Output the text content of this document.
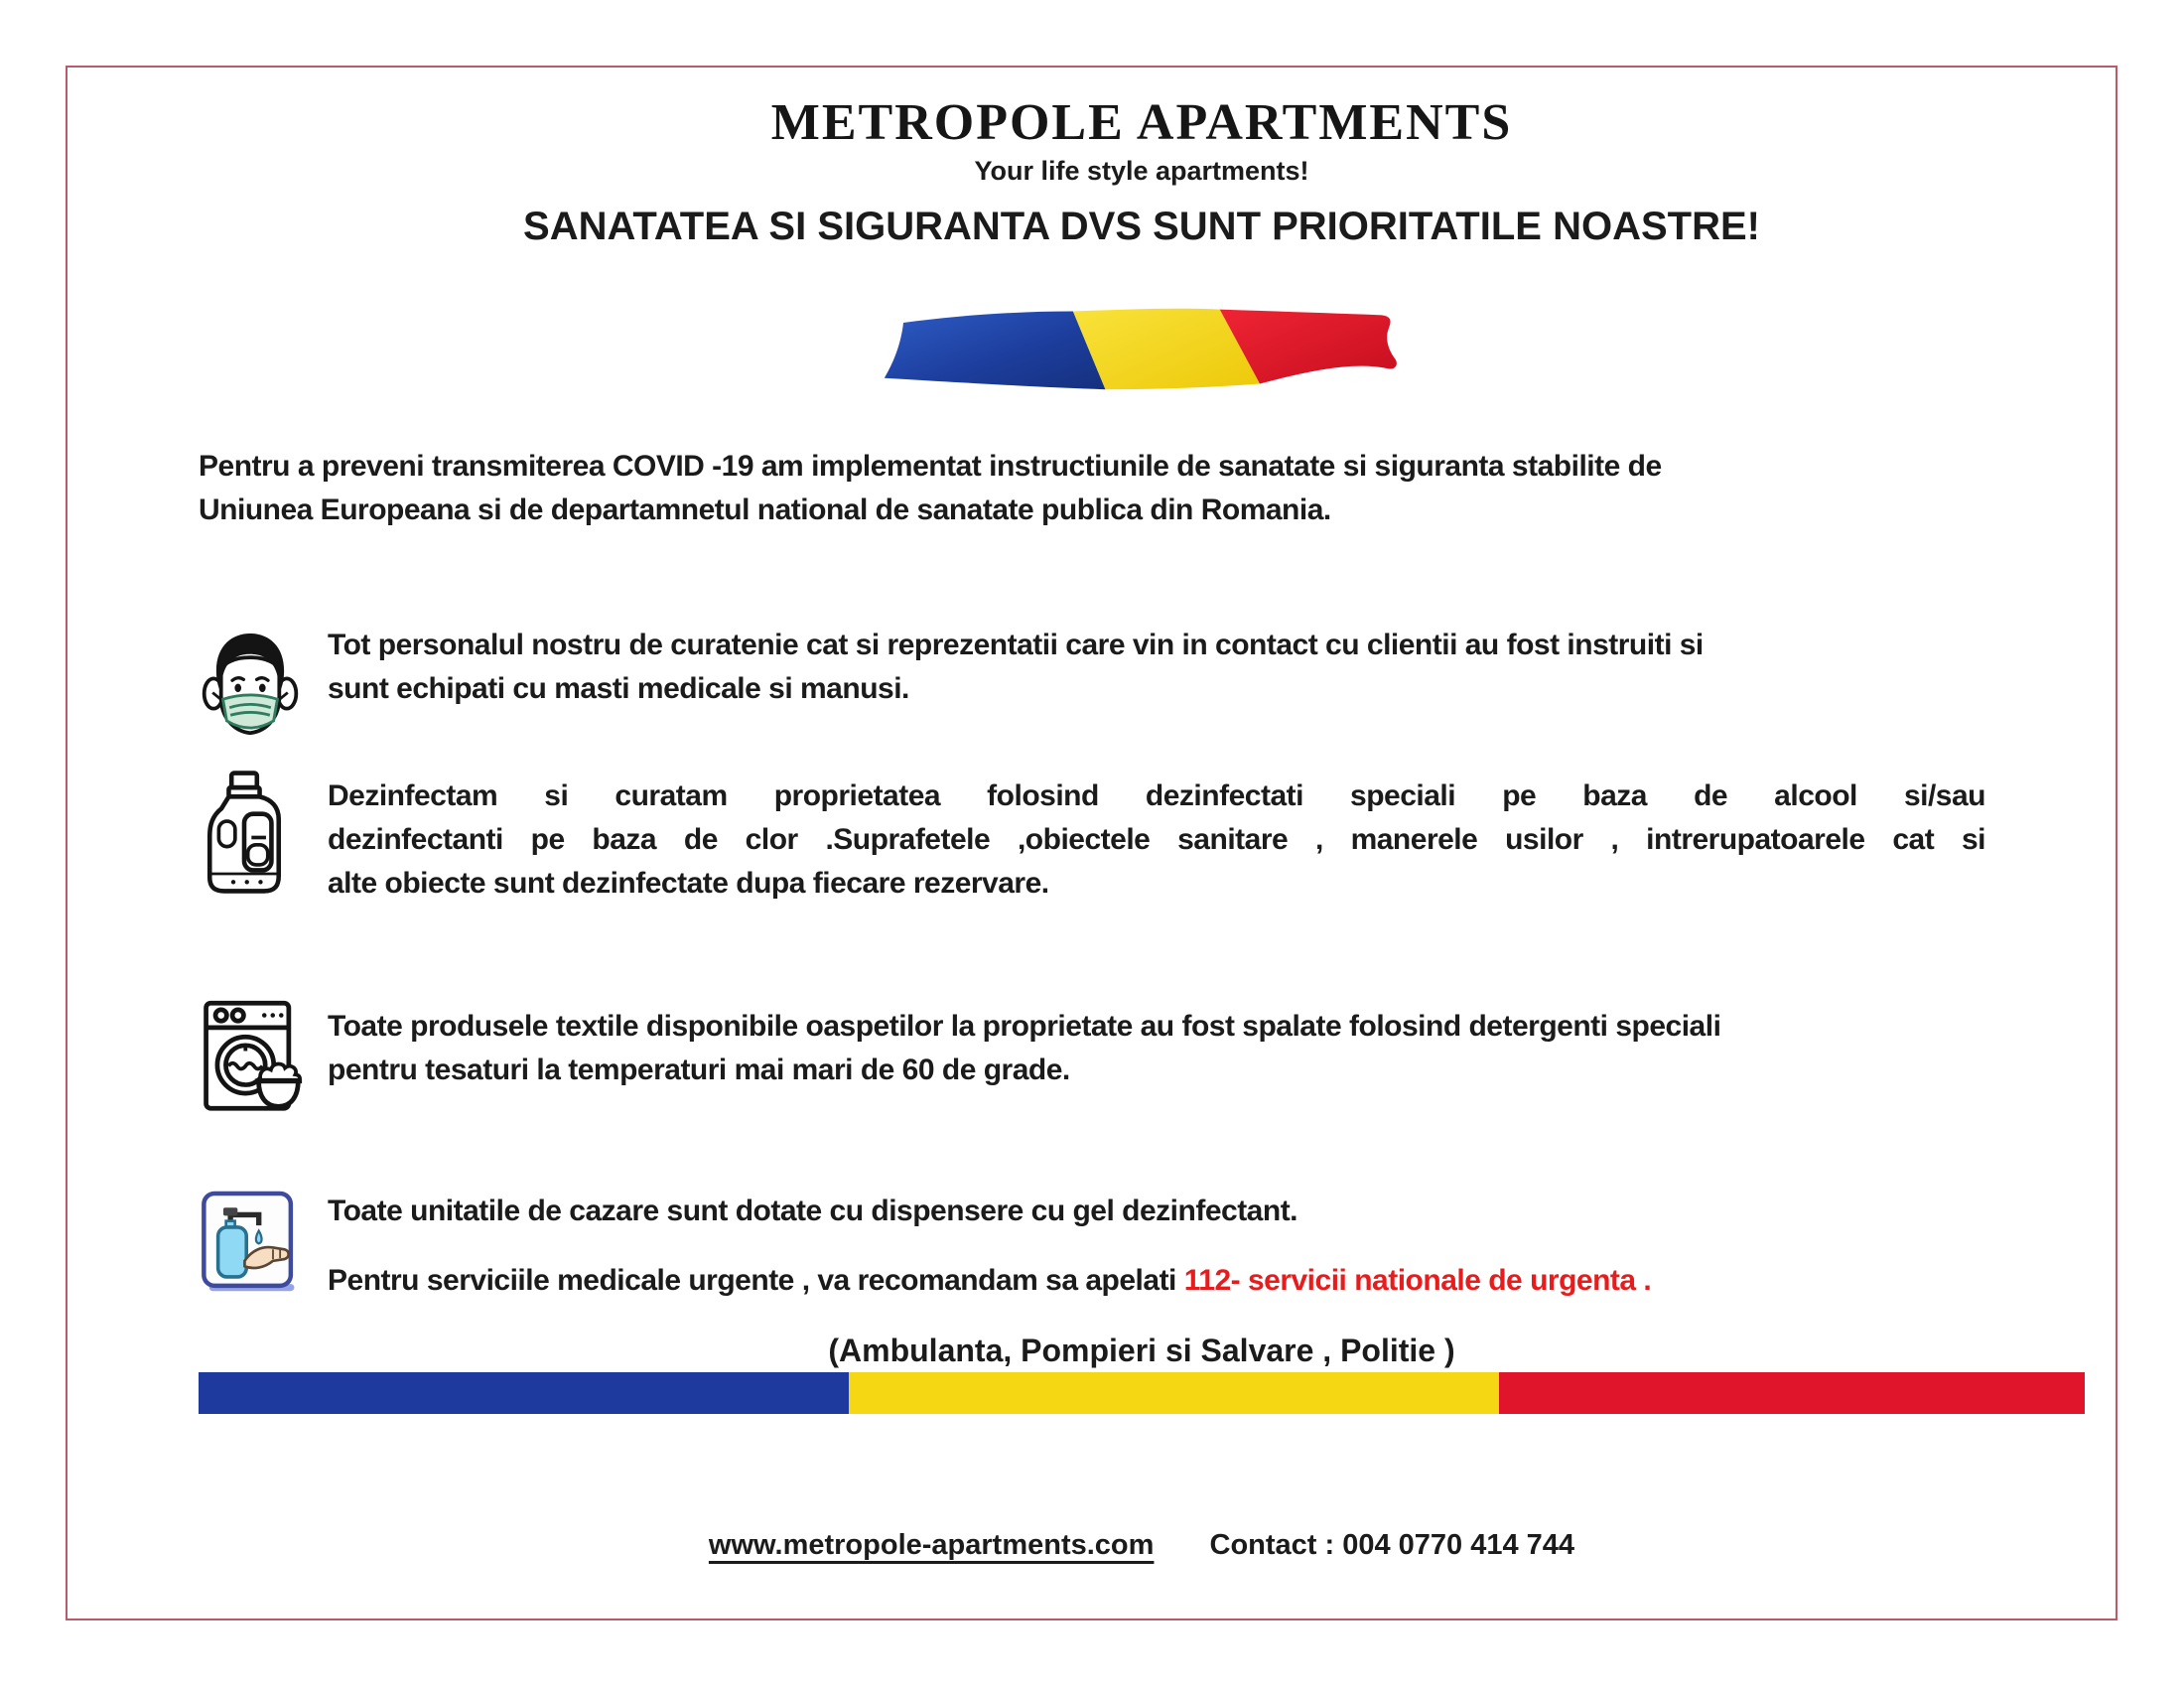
METROPOLE APARTMENTS
Your life style apartments!
SANATATEA SI SIGURANTA DVS SUNT PRIORITATILE NOASTRE!
Pentru a preveni transmiterea COVID -19 am implementat instructiunile de sanatate si siguranta stabilite de
Uniunea Europeana si de departamnetul national de sanatate publica din Romania.
Tot personalul nostru de curatenie cat si reprezentatii care vin in contact cu clientii au fost instruiti si
sunt echipati cu masti medicale si manusi.
Dezinfectam si curatam proprietatea folosind dezinfectati speciali pe baza de alcool si/sau
dezinfectanti pe baza de clor .Suprafetele ,obiectele sanitare , manerele usilor , intrerupatoarele cat si
alte obiecte sunt dezinfectate dupa fiecare rezervare.
Toate produsele textile disponibile oaspetilor la proprietate au fost spalate folosind detergenti speciali
pentru tesaturi la temperaturi mai mari de 60 de grade.
Toate unitatile de cazare sunt dotate cu dispensere cu gel dezinfectant.
Pentru serviciile medicale urgente , va recomandam sa apelati 112- servicii nationale de urgenta .
(Ambulanta, Pompieri si Salvare , Politie )
www.metropole-apartments.com Contact : 004 0770 414 744
